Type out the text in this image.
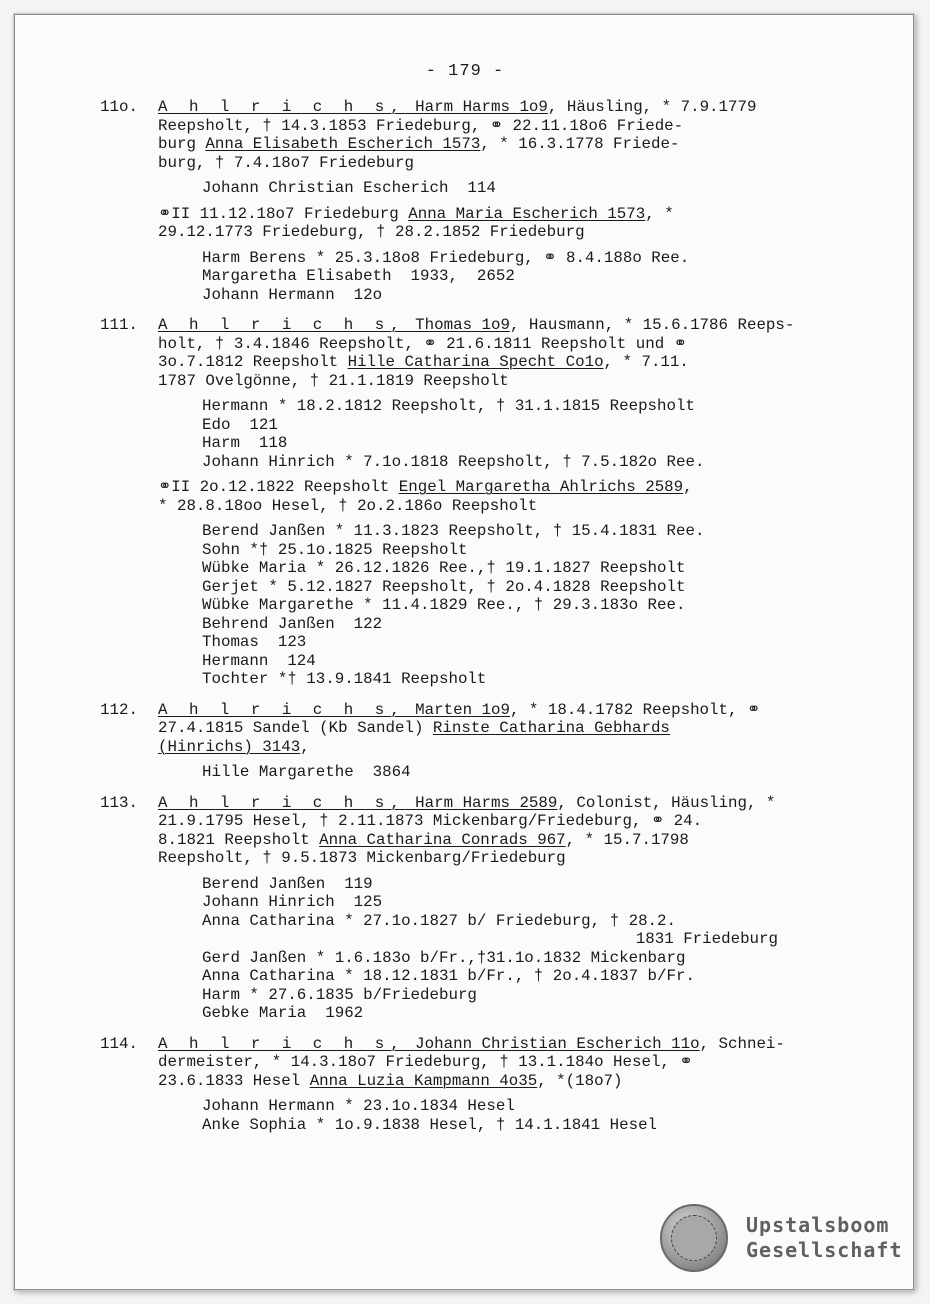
- 179 -
11o. A h l r i c h s, Harm Harms 1o9, Häusling, * 7.9.1779
Reepsholt, † 14.3.1853 Friedeburg, ⚭ 22.11.18o6 Friede-
burg Anna Elisabeth Escherich 1573, * 16.3.1778 Friede-
burg, † 7.4.18o7 Friedeburg
Johann Christian Escherich  114
⚭II 11.12.18o7 Friedeburg Anna Maria Escherich 1573, *
29.12.1773 Friedeburg, † 28.2.1852 Friedeburg
Harm Berens * 25.3.18o8 Friedeburg, ⚭ 8.4.188o Ree.
Margaretha Elisabeth  1933,  2652
Johann Hermann  12o
111. A h l r i c h s, Thomas 1o9, Hausmann, * 15.6.1786 Reeps-
holt, † 3.4.1846 Reepsholt, ⚭ 21.6.1811 Reepsholt und ⚭
3o.7.1812 Reepsholt Hille Catharina Specht Co1o, * 7.11.
1787 Ovelgönne, † 21.1.1819 Reepsholt
Hermann * 18.2.1812 Reepsholt, † 31.1.1815 Reepsholt
Edo  121
Harm  118
Johann Hinrich * 7.1o.1818 Reepsholt, † 7.5.182o Ree.
⚭II 2o.12.1822 Reepsholt Engel Margaretha Ahlrichs 2589,
* 28.8.18oo Hesel, † 2o.2.186o Reepsholt
Berend Janßen * 11.3.1823 Reepsholt, † 15.4.1831 Ree.
Sohn *† 25.1o.1825 Reepsholt
Wübke Maria * 26.12.1826 Ree.,† 19.1.1827 Reepsholt
Gerjet * 5.12.1827 Reepsholt, † 2o.4.1828 Reepsholt
Wübke Margarethe * 11.4.1829 Ree., † 29.3.183o Ree.
Behrend Janßen  122
Thomas  123
Hermann  124
Tochter *† 13.9.1841 Reepsholt
112. A h l r i c h s, Marten 1o9, * 18.4.1782 Reepsholt, ⚭
27.4.1815 Sandel (Kb Sandel) Rinste Catharina Gebhards
(Hinrichs) 3143,
Hille Margarethe  3864
113. A h l r i c h s, Harm Harms 2589, Colonist, Häusling, *
21.9.1795 Hesel, † 2.11.1873 Mickenbarg/Friedeburg, ⚭ 24.
8.1821 Reepsholt Anna Catharina Conrads 967, * 15.7.1798
Reepsholt, † 9.5.1873 Mickenbarg/Friedeburg
Berend Janßen  119
Johann Hinrich  125
Anna Catharina * 27.1o.1827 b/ Friedeburg, † 28.2.
1831 Friedeburg
Gerd Janßen * 1.6.183o b/Fr.,†31.1o.1832 Mickenbarg
Anna Catharina * 18.12.1831 b/Fr., † 2o.4.1837 b/Fr.
Harm * 27.6.1835 b/Friedeburg
Gebke Maria  1962
114. A h l r i c h s, Johann Christian Escherich 11o, Schnei-
dermeister, * 14.3.18o7 Friedeburg, † 13.1.184o Hesel, ⚭
23.6.1833 Hesel Anna Luzia Kampmann 4o35, *(18o7)
Johann Hermann * 23.1o.1834 Hesel
Anke Sophia * 1o.9.1838 Hesel, † 14.1.1841 Hesel
Upstalsboom
Gesellschaft
